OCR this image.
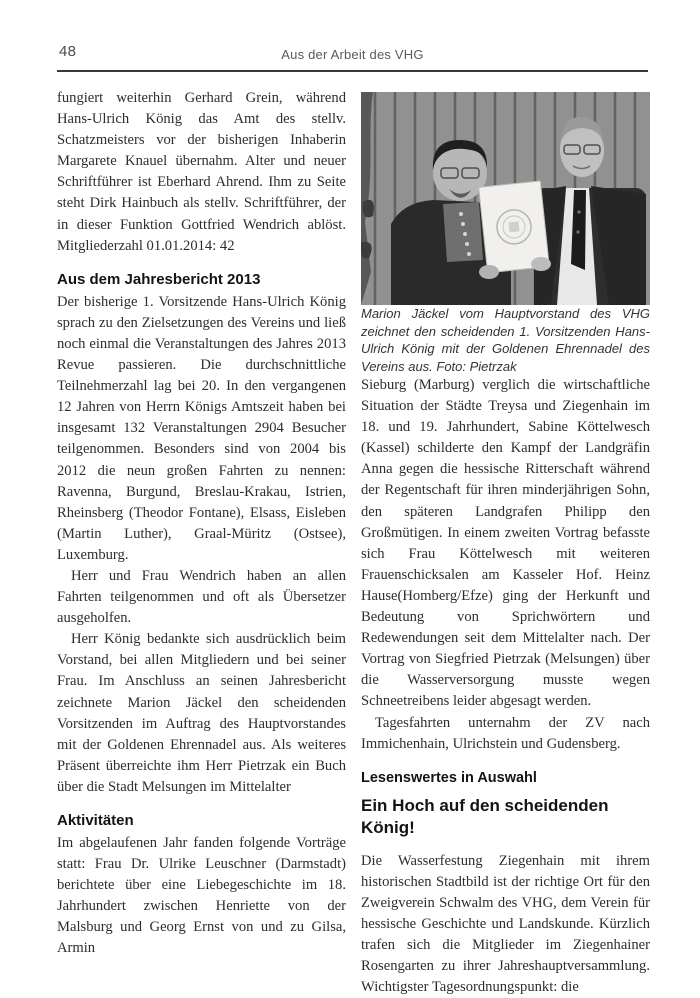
48	Aus der Arbeit des VHG

fungiert weiterhin Gerhard Grein, während Hans-Ulrich König das Amt des stellv. Schatzmeisters vor der bisherigen Inhaberin Margarete Knauel übernahm. Alter und neuer Schriftführer ist Eberhard Ahrend. Ihm zu Seite steht Dirk Hainbuch als stellv. Schriftführer, der in dieser Funktion Gottfried Wendrich ablöst. Mitgliederzahl 01.01.2014: 42

Aus dem Jahresbericht 2013

Der bisherige 1. Vorsitzende Hans-Ulrich König sprach zu den Zielsetzungen des Vereins und ließ noch einmal die Veranstaltungen des Jahres 2013 Revue passieren. Die durchschnittliche Teilnehmerzahl lag bei 20. In den vergangenen 12 Jahren von Herrn Königs Amtszeit haben bei insgesamt 132 Veranstaltungen 2904 Besucher teilgenommen. Besonders sind von 2004 bis 2012 die neun großen Fahrten zu nennen: Ravenna, Burgund, Breslau-Krakau, Istrien, Rheinsberg (Theodor Fontane), Elsass, Eisleben (Martin Luther), Graal-Müritz (Ostsee), Luxemburg.

Herr und Frau Wendrich haben an allen Fahrten teilgenommen und oft als Übersetzer ausgeholfen.

Herr König bedankte sich ausdrücklich beim Vorstand, bei allen Mitgliedern und bei seiner Frau. Im Anschluss an seinen Jahresbericht zeichnete Marion Jäckel den scheidenden Vorsitzenden im Auftrag des Hauptvorstandes mit der Goldenen Ehrennadel aus. Als weiteres Präsent überreichte ihm Herr Pietrzak ein Buch über die Stadt Melsungen im Mittelalter

Aktivitäten

Im abgelaufenen Jahr fanden folgende Vorträge statt: Frau Dr. Ulrike Leuschner (Darmstadt) berichtete über eine Liebegeschichte im 18. Jahrhundert zwischen Henriette von der Malsburg und Georg Ernst von und zu Gilsa, Armin

Marion Jäckel vom Hauptvorstand des VHG zeichnet den scheidenden 1. Vorsitzenden Hans-Ulrich König mit der Goldenen Ehrennadel des Vereins aus. Foto: Pietrzak

Sieburg (Marburg) verglich die wirtschaftliche Situation der Städte Treysa und Ziegenhain im 18. und 19. Jahrhundert, Sabine Köttelwesch (Kassel) schilderte den Kampf der Landgräfin Anna gegen die hessische Ritterschaft während der Regentschaft für ihren minderjährigen Sohn, den späteren Landgrafen Philipp den Großmütigen. In einem zweiten Vortrag befasste sich Frau Köttelwesch mit weiteren Frauenschicksalen am Kasseler Hof. Heinz Hause(Homberg/Efze) ging der Herkunft und Bedeutung von Sprichwörtern und Redewendungen seit dem Mittelalter nach. Der Vortrag von Siegfried Pietrzak (Melsungen) über die Wasserversorgung musste wegen Schneetreibens leider abgesagt werden.

Tagesfahrten unternahm der ZV nach Immichenhain, Ulrichstein und Gudensberg.

Lesenswertes in Auswahl
Ein Hoch auf den scheidenden König!

Die Wasserfestung Ziegenhain mit ihrem historischen Stadtbild ist der richtige Ort für den Zweigverein Schwalm des VHG, dem Verein für hessische Geschichte und Landskunde. Kürzlich trafen sich die Mitglieder im Ziegenhainer Rosengarten zu ihrer Jahreshauptversammlung. Wichtigster Tagesordnungspunkt: die
